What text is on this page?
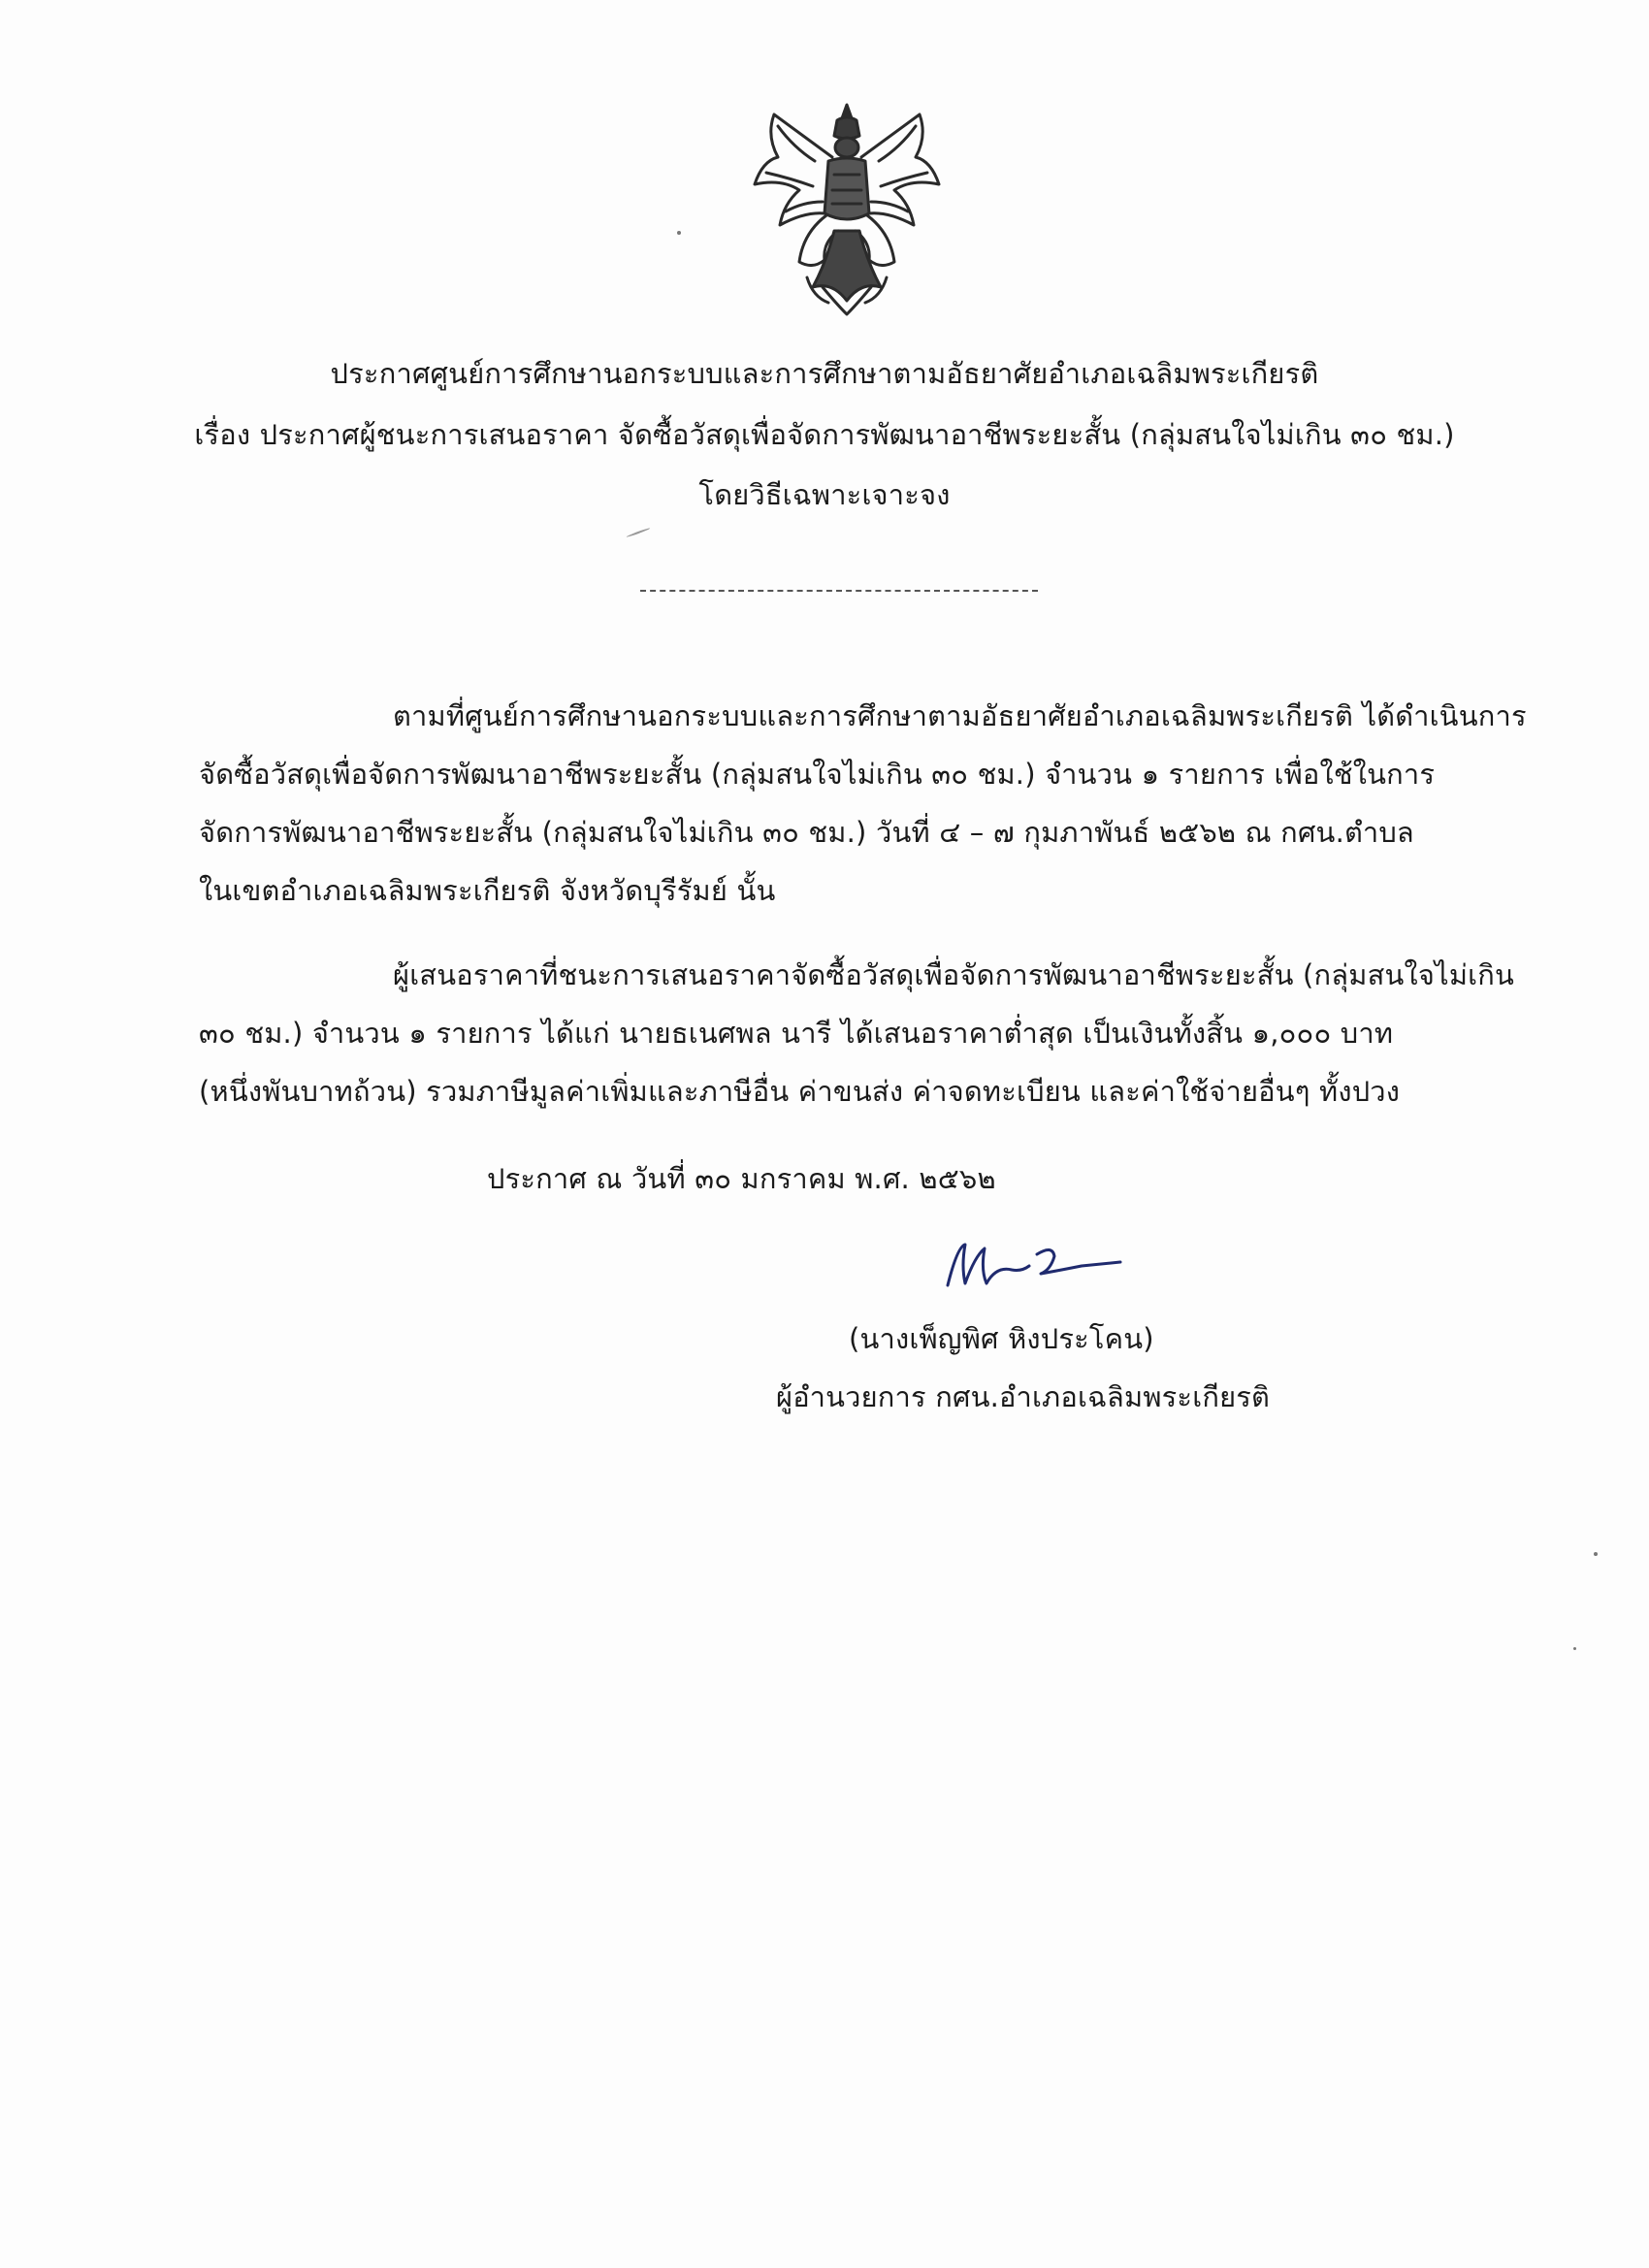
ประกาศศูนย์การศึกษานอกระบบและการศึกษาตามอัธยาศัยอำเภอเฉลิมพระเกียรติ
เรื่อง ประกาศผู้ชนะการเสนอราคา จัดซื้อวัสดุเพื่อจัดการพัฒนาอาชีพระยะสั้น (กลุ่มสนใจไม่เกิน ๓๐ ชม.)
โดยวิธีเฉพาะเจาะจง
ตามที่ศูนย์การศึกษานอกระบบและการศึกษาตามอัธยาศัยอำเภอเฉลิมพระเกียรติ ได้ดำเนินการ
จัดซื้อวัสดุเพื่อจัดการพัฒนาอาชีพระยะสั้น (กลุ่มสนใจไม่เกิน ๓๐ ชม.) จำนวน ๑ รายการ เพื่อใช้ในการ
จัดการพัฒนาอาชีพระยะสั้น (กลุ่มสนใจไม่เกิน ๓๐ ชม.) วันที่ ๔ – ๗ กุมภาพันธ์ ๒๕๖๒ ณ กศน.ตำบล
ในเขตอำเภอเฉลิมพระเกียรติ จังหวัดบุรีรัมย์ นั้น
ผู้เสนอราคาที่ชนะการเสนอราคาจัดซื้อวัสดุเพื่อจัดการพัฒนาอาชีพระยะสั้น (กลุ่มสนใจไม่เกิน
๓๐ ชม.) จำนวน ๑ รายการ ได้แก่ นายธเนศพล นารี ได้เสนอราคาต่ำสุด เป็นเงินทั้งสิ้น ๑,๐๐๐ บาท
(หนึ่งพันบาทถ้วน) รวมภาษีมูลค่าเพิ่มและภาษีอื่น ค่าขนส่ง ค่าจดทะเบียน และค่าใช้จ่ายอื่นๆ ทั้งปวง
ประกาศ ณ วันที่ ๓๐ มกราคม พ.ศ. ๒๕๖๒
(นางเพ็ญพิศ หิงประโคน)
ผู้อำนวยการ กศน.อำเภอเฉลิมพระเกียรติ
